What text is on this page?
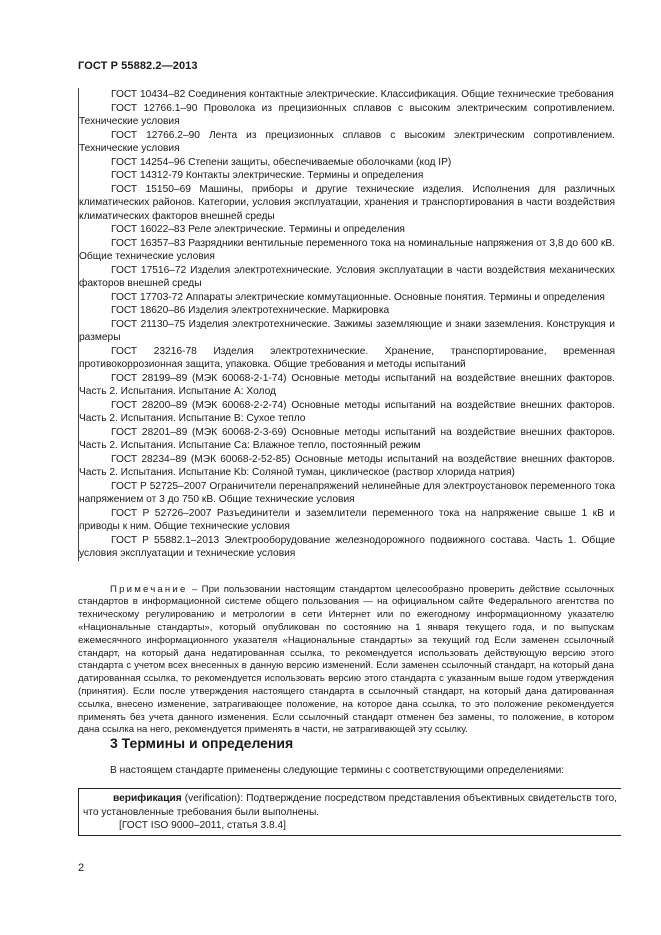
ГОСТ Р 55882.2—2013

ГОСТ 10434–82 Соединения контактные электрические. Классификация. Общие технические требования

ГОСТ 12766.1–90 Проволока из прецизионных сплавов с высоким электрическим сопротивлением. Технические условия

ГОСТ 12766.2–90 Лента из прецизионных сплавов с высоким электрическим сопротивлением. Технические условия

ГОСТ 14254–96 Степени защиты, обеспечиваемые оболочками (код IP)

ГОСТ 14312-79 Контакты электрические. Термины и определения

ГОСТ 15150–69 Машины, приборы и другие технические изделия. Исполнения для различных климатических районов. Категории, условия эксплуатации, хранения и транспортирования в части воздействия климатических факторов внешней среды

ГОСТ 16022–83 Реле электрические. Термины и определения

ГОСТ 16357–83 Разрядники вентильные переменного тока на номинальные напряжения от 3,8 до 600 кВ. Общие технические условия

ГОСТ 17516–72 Изделия электротехнические. Условия эксплуатации в части воздействия механических факторов внешней среды

ГОСТ 17703-72 Аппараты электрические коммутационные. Основные понятия. Термины и определения

ГОСТ 18620–86 Изделия электротехнические. Маркировка

ГОСТ 21130–75 Изделия электротехнические. Зажимы заземляющие и знаки заземления. Конструкция и размеры

ГОСТ 23216-78 Изделия электротехнические. Хранение, транспортирование, временная противокоррозионная защита, упаковка. Общие требования и методы испытаний

ГОСТ 28199–89 (МЭК 60068-2-1-74) Основные методы испытаний на воздействие внешних факторов. Часть 2. Испытания. Испытание А: Холод

ГОСТ 28200–89 (МЭК 60068-2-2-74) Основные методы испытаний на воздействие внешних факторов. Часть 2. Испытания. Испытание В: Сухое тепло

ГОСТ 28201–89 (МЭК 60068-2-3-69) Основные методы испытаний на воздействие внешних факторов. Часть 2. Испытания. Испытание Са: Влажное тепло, постоянный режим

ГОСТ 28234–89 (МЭК 60068-2-52-85) Основные методы испытаний на воздействие внешних факторов. Часть 2. Испытания. Испытание Kb: Соляной туман, циклическое (раствор хлорида натрия)

ГОСТ Р 52725–2007 Ограничители перенапряжений нелинейные для электроустановок переменного тока напряжением от 3 до 750 кВ. Общие технические условия

ГОСТ Р 52726–2007 Разъединители и заземлители переменного тока на напряжение свыше 1 кВ и приводы к ним. Общие технические условия

ГОСТ Р 55882.1–2013 Электрооборудование железнодорожного подвижного состава. Часть 1. Общие условия эксплуатации и технические условия

Примечание – При пользовании настоящим стандартом целесообразно проверить действие ссылочных стандартов в информационной системе общего пользования — на официальном сайте Федерального агентства по техническому регулированию и метрологии в сети Интернет или по ежегодному информационному указателю «Национальные стандарты», который опубликован по состоянию на 1 января текущего года, и по выпускам ежемесячного информационного указателя «Национальные стандарты» за текущий год Если заменен ссылочный стандарт, на который дана недатированная ссылка, то рекомендуется использовать действующую версию этого стандарта с учетом всех внесенных в данную версию изменений. Если заменен ссылочный стандарт, на который дана датированная ссылка, то рекомендуется использовать версию этого стандарта с указанным выше годом утверждения (принятия). Если после утверждения настоящего стандарта в ссылочный стандарт, на который дана датированная ссылка, внесено изменение, затрагивающее положение, на которое дана ссылка, то это положение рекомендуется применять без учета данного изменения. Если ссылочный стандарт отменен без замены, то положение, в котором дана ссылка на него, рекомендуется применять в части, не затрагивающей эту ссылку.

3 Термины и определения
В настоящем стандарте применены следующие термины с соответствующими определениями:

верификация (verification): Подтверждение посредством представления объективных свидетельств того, что установленные требования были выполнены.

[ГОСТ ISO 9000–2011, статья 3.8.4]

2
